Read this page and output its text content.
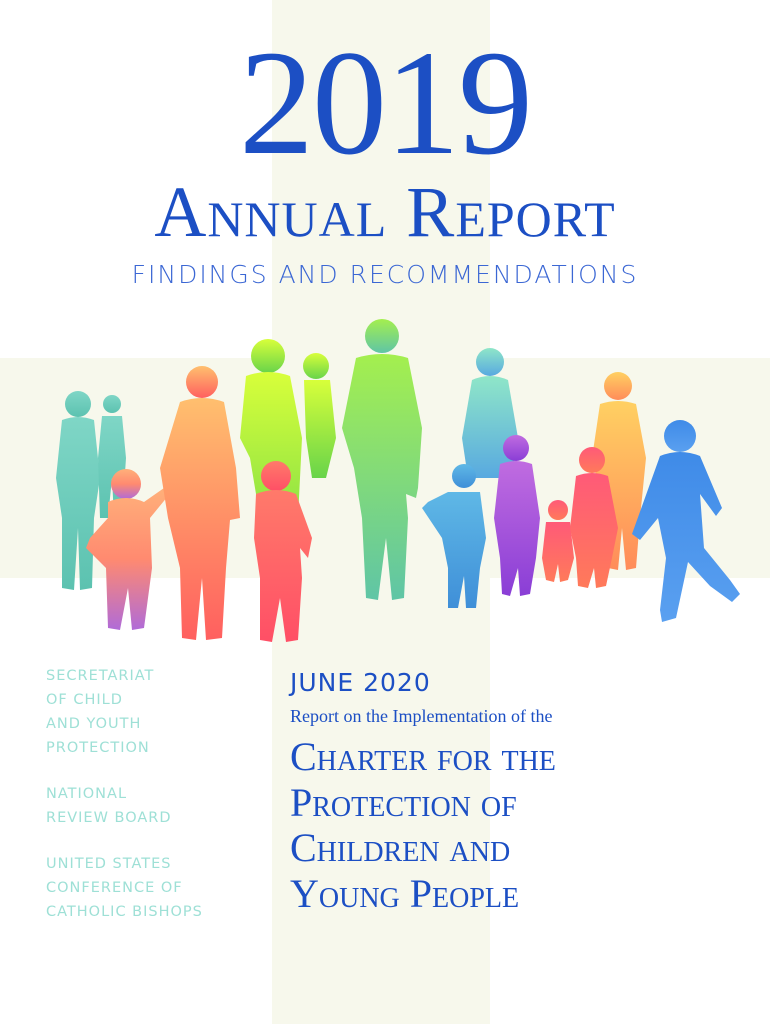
2019
Annual Report
FINDINGS AND RECOMMENDATIONS
SECRETARIAT
OF CHILD
AND YOUTH
PROTECTION
NATIONAL
REVIEW BOARD
UNITED STATES
CONFERENCE OF
CATHOLIC BISHOPS
JUNE 2020
Report on the Implementation of the
Charter for the
Protection of
Children and
Young People
